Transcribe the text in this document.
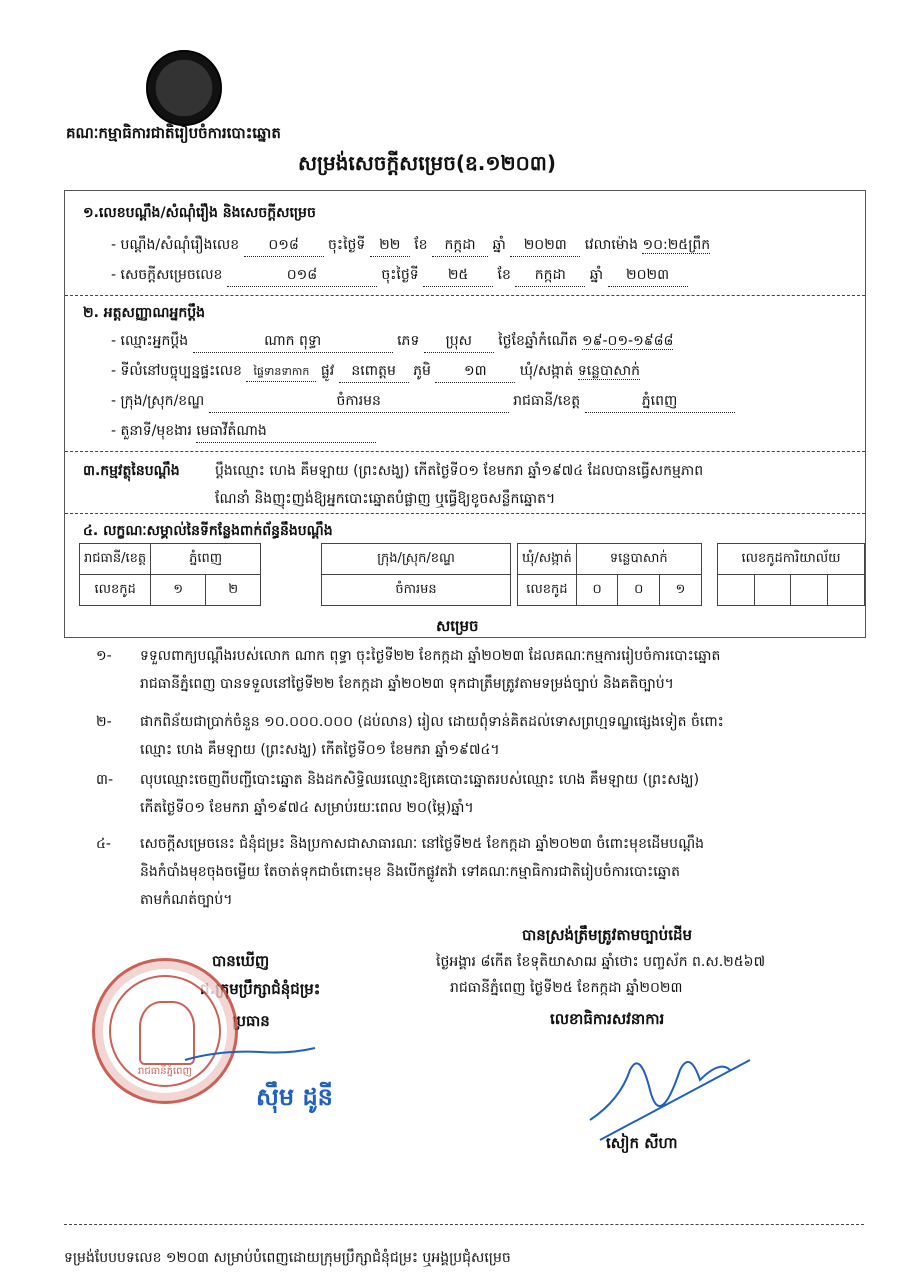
គណៈកម្មាធិការជាតិរៀបចំការបោះឆ្នោត
សម្រង់សេចក្តីសម្រេច(ឧ.១២០៣)
១.លេខបណ្តឹង/សំណុំរឿង និងសេចក្តីសម្រេច
- បណ្តឹង/សំណុំរឿងលេខ ០១៨ ចុះថ្ងៃទី ២២ ខែ កក្កដា ឆ្នាំ ២០២៣ វេលាម៉ោង ១០:២៥ព្រឹក
- សេចក្តីសម្រេចលេខ	០១៨	ចុះថ្ងៃទី ២៥ ខែ កក្កដា ឆ្នាំ ២០២៣
២. អត្តសញ្ញាណអ្នកប្តឹង
- ឈ្មោះអ្នកប្តឹង	ណាក ពុទ្ធា	ភេទ ប្រុស ថ្ងៃខែឆ្នាំកំណើត ១៩-០១-១៩៨៨
- ទីលំនៅបច្ចុប្បន្នផ្ទះលេខ ផ្ទៃទានទាកាក ផ្លូវ នពោត្តម ភូមិ ១៣ ឃុំ/សង្កាត់ ទន្លេបាសាក់
- ក្រុង/ស្រុក/ខណ្ឌ	ចំការមន	រាជធានី/ខេត្ត	ភ្នំពេញ
- តួនាទី/មុខងារ មេធាវីតំណាង
៣.កម្មវត្ថុនៃបណ្តឹង	ប្តឹងឈ្មោះ ហេង គឹមឡាយ (ព្រះសង្ឃ) កើតថ្ងៃទី០១ ខែមករា ឆ្នាំ១៩៧៤ ដែលបានធ្វើសកម្មភាព
ណែនាំ និងញុះញង់ឱ្យអ្នកបោះឆ្នោតបំផ្លាញ ឬធ្វើឱ្យខូចសន្លឹកឆ្នោត។
៤. លក្ខណៈសម្គាល់នៃទីកន្លែងពាក់ព័ន្ធនឹងបណ្តឹង
រាជធានី/ខេត្ត	ភ្នំពេញ	
លេខកូដ	១	២
ក្រុង/ស្រុក/ខណ្ឌ
ចំការមន
ឃុំ/សង្កាត់	ទន្លេបាសាក់		
លេខកូដ	០	០	១
លេខកូដការិយាល័យ

សម្រេច
១-	ទទួលពាក្យបណ្តឹងរបស់លោក ណាក ពុទ្ធា ចុះថ្ងៃទី២២ ខែកក្កដា ឆ្នាំ២០២៣ ដែលគណៈកម្មការរៀបចំការបោះឆ្នោត
រាជធានីភ្នំពេញ បានទទួលនៅថ្ងៃទី២២ ខែកក្កដា ឆ្នាំ២០២៣ ទុកជាត្រឹមត្រូវតាមទម្រង់ច្បាប់ និងគតិច្បាប់។
២-	ផាកពិន័យជាប្រាក់ចំនួន ១០.០០០.០០០ (ដប់លាន) រៀល ដោយពុំទាន់គិតដល់ទោសព្រហ្មទណ្ឌផ្សេងទៀត ចំពោះ
ឈ្មោះ ហេង គឹមឡាយ (ព្រះសង្ឃ) កើតថ្ងៃទី០១ ខែមករា ឆ្នាំ១៩៧៤។
៣-	លុបឈ្មោះចេញពីបញ្ជីបោះឆ្នោត និងដកសិទ្ធិឈរឈ្មោះឱ្យគេបោះឆ្នោតរបស់ឈ្មោះ ហេង គឹមឡាយ (ព្រះសង្ឃ)
កើតថ្ងៃទី០១ ខែមករា ឆ្នាំ១៩៧៤ សម្រាប់រយៈពេល ២០(ម្ភៃ)ឆ្នាំ។
៤-	សេចក្តីសម្រេចនេះ ជំនុំជម្រះ និងប្រកាសជាសាធារណៈ នៅថ្ងៃទី២៥ ខែកក្កដា ឆ្នាំ២០២៣ ចំពោះមុខដើមបណ្តឹង
និងកំបាំងមុខចុងចម្លើយ តែចាត់ទុកជាចំពោះមុខ និងបើកផ្លូវតវ៉ា ទៅគណៈកម្មាធិការជាតិរៀបចំការបោះឆ្នោត
តាមកំណត់ច្បាប់។
បានស្រង់ត្រឹមត្រូវតាមច្បាប់ដើម
ថ្ងៃអង្គារ ៨កើត ខែទុតិយាសាឍ ឆ្នាំថោះ បញ្ចស័ក ព.ស.២៥៦៧
រាជធានីភ្នំពេញ ថ្ងៃទី២៥ ខែកក្កដា ឆ្នាំ២០២៣
លេខាធិការសវនាការ
សៀក សីហា
បានឃើញ
ជ.ក្រុមប្រឹក្សាជំនុំជម្រះ
ប្រធាន
រាជធានីភ្នំពេញ
ស៊ឹម ដូនី
ទម្រង់បែបបទលេខ ១២០៣ សម្រាប់បំពេញដោយក្រុមប្រឹក្សាជំនុំជម្រះ ឬអង្គប្រជុំសម្រេច
